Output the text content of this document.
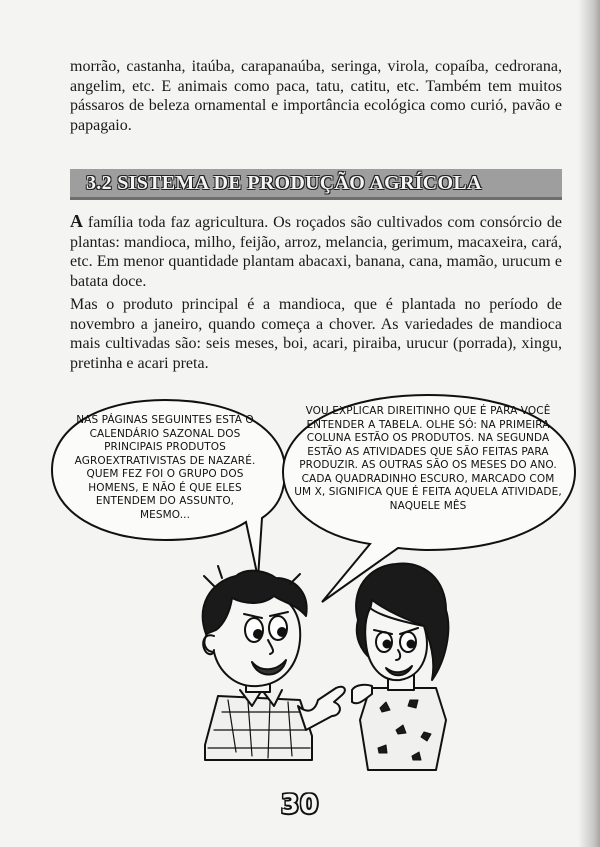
morrão, castanha, itaúba, carapanaúba, seringa, virola, copaíba, cedrorana, angelim, etc. E animais como paca, tatu, catitu, etc. Também tem muitos pássaros de beleza ornamental e importância ecológica como curió, pavão e papagaio.

3.2 SISTEMA DE PRODUÇÃO AGRÍCOLA

A família toda faz agricultura. Os roçados são cultivados com consórcio de plantas: mandioca, milho, feijão, arroz, melancia, gerimum, macaxeira, cará, etc. Em menor quantidade plantam abacaxi, banana, cana, mamão, urucum e batata doce.

Mas o produto principal é a mandioca, que é plantada no período de novembro a janeiro, quando começa a chover. As variedades de mandioca mais cultivadas são: seis meses, boi, acari, piraiba, urucur (porrada), xingu, pretinha e acari preta.

NAS PÁGINAS SEGUINTES ESTÁ O CALENDÁRIO SAZONAL DOS PRINCIPAIS PRODUTOS AGROEXTRATIVISTAS DE NAZARÉ. QUEM FEZ FOI O GRUPO DOS HOMENS, E NÃO É QUE ELES ENTENDEM DO ASSUNTO, MESMO...

VOU EXPLICAR DIREITINHO QUE É PARA VOCÊ ENTENDER A TABELA. OLHE SÓ: NA PRIMEIRA COLUNA ESTÃO OS PRODUTOS. NA SEGUNDA ESTÃO AS ATIVIDADES QUE SÃO FEITAS PARA PRODUZIR. AS OUTRAS SÃO OS MESES DO ANO. CADA QUADRADINHO ESCURO, MARCADO COM UM X, SIGNIFICA QUE É FEITA AQUELA ATIVIDADE, NAQUELE MÊS

30
